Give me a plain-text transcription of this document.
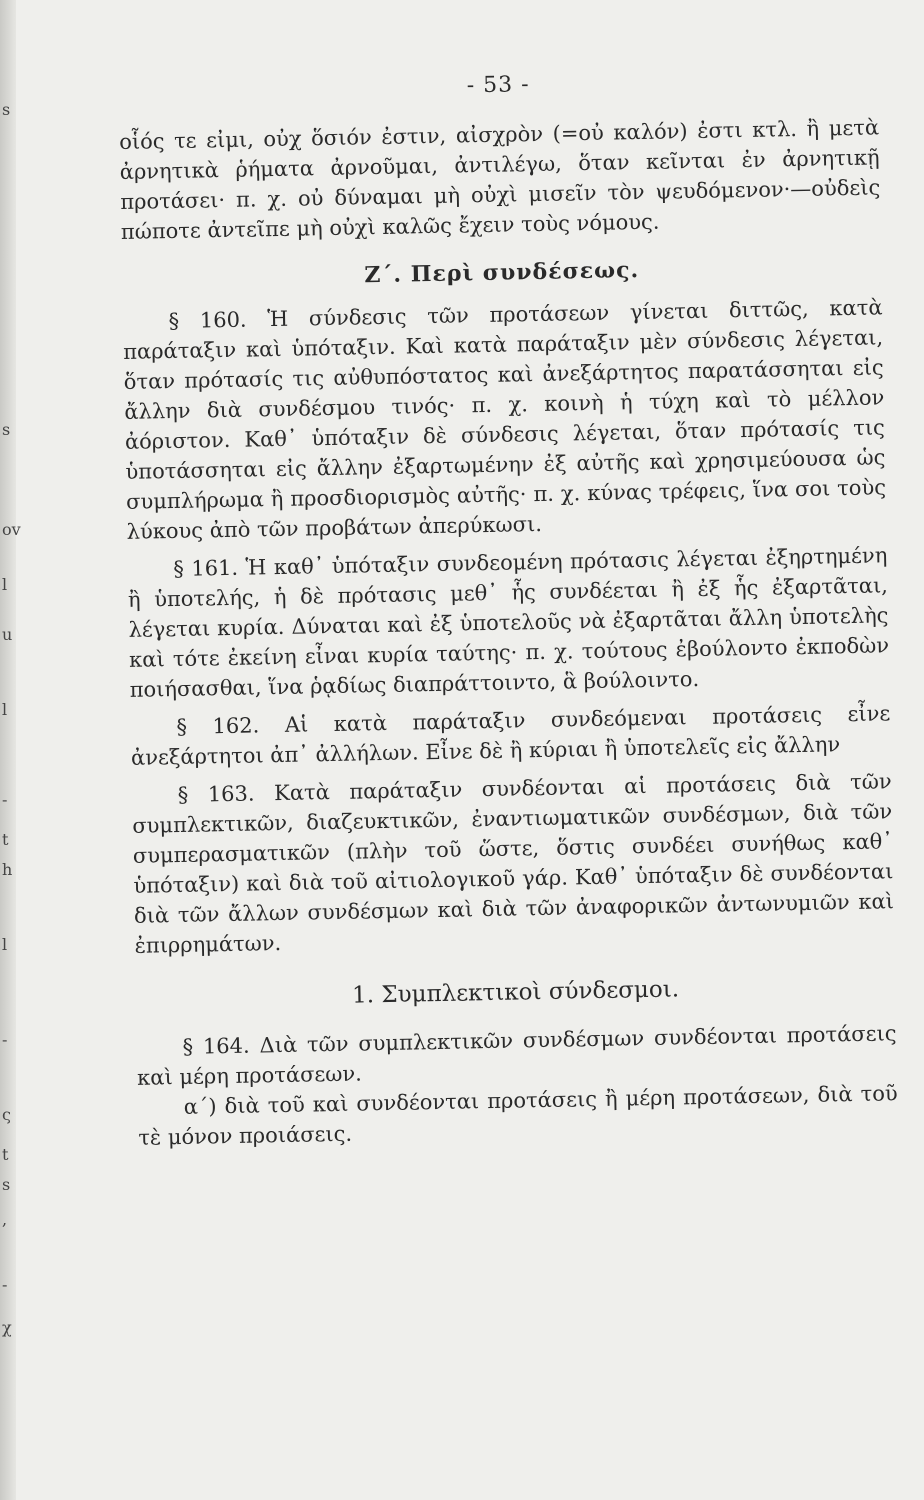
s
s
ov
l
u
l
-
h
t
l
-
ς
t
s
,
-
χ
- 53 -

οἷός τε εἰμι, οὐχ ὅσιόν ἐστιν, αἰσχρὸν (=οὐ καλόν) ἐστι κτλ. ἢ μετὰ ἀρνητικὰ ῥήματα ἀρνοῦμαι, ἀντιλέγω, ὅταν κεῖνται ἐν ἀρνητικῇ προτάσει· π. χ. οὐ δύναμαι μὴ οὐχὶ μισεῖν τὸν ψευδόμενον·—οὐδεὶς πώποτε ἀντεῖπε μὴ οὐχὶ καλῶς ἔχειν τοὺς νόμους.

Ζ΄. Περὶ συνδέσεως.

§ 160. Ἡ σύνδεσις τῶν προτάσεων γίνεται διττῶς, κατὰ παράταξιν καὶ ὑπόταξιν. Καὶ κατὰ παράταξιν μὲν σύνδεσις λέγεται, ὅταν πρότασίς τις αὐθυπόστατος καὶ ἀνεξάρτητος παρατάσσηται εἰς ἄλλην διὰ συνδέσμου τινός· π. χ. κοινὴ ἡ τύχη καὶ τὸ μέλλον ἀόριστον. Καθ᾽ ὑπόταξιν δὲ σύνδεσις λέγεται, ὅταν πρότασίς τις ὑποτάσσηται εἰς ἄλλην ἐξαρτωμένην ἐξ αὐτῆς καὶ χρησιμεύουσα ὡς συμπλήρωμα ἢ προσδιορισμὸς αὐτῆς· π. χ. κύνας τρέφεις, ἵνα σοι τοὺς λύκους ἀπὸ τῶν προβάτων ἀπερύκωσι.

§ 161. Ἡ καθ᾽ ὑπόταξιν συνδεομένη πρότασις λέγεται ἐξηρτημένη ἢ ὑποτελής, ἡ δὲ πρότασις μεθ᾽ ἧς συνδέεται ἢ ἐξ ἧς ἐξαρτᾶται, λέγεται κυρία. Δύναται καὶ ἐξ ὑποτελοῦς νὰ ἐξαρτᾶται ἄλλη ὑποτελὴς καὶ τότε ἐκείνη εἶναι κυρία ταύτης· π. χ. τούτους ἐβούλοντο ἐκποδὼν ποιήσασθαι, ἵνα ῥᾳδίως διαπράττοιντο, ἃ βούλοιντο.

§ 162. Αἱ κατὰ παράταξιν συνδεόμεναι προτάσεις εἶνε ἀνεξάρτητοι ἀπ᾽ ἀλλήλων. Εἶνε δὲ ἢ κύριαι ἢ ὑποτελεῖς εἰς ἄλλην

§ 163. Κατὰ παράταξιν συνδέονται αἱ προτάσεις διὰ τῶν συμπλεκτικῶν, διαζευκτικῶν, ἐναντιωματικῶν συνδέσμων, διὰ τῶν συμπερασματικῶν (πλὴν τοῦ ὥστε, ὅστις συνδέει συνήθως καθ᾽ ὑπόταξιν) καὶ διὰ τοῦ αἰτιολογικοῦ γάρ. Καθ᾽ ὑπόταξιν δὲ συνδέονται διὰ τῶν ἄλλων συνδέσμων καὶ διὰ τῶν ἀναφορικῶν ἀντωνυμιῶν καὶ ἐπιρρημάτων.

1. Συμπλεκτικοὶ σύνδεσμοι.

§ 164. Διὰ τῶν συμπλεκτικῶν συνδέσμων συνδέονται προτάσεις καὶ μέρη προτάσεων.

α΄) διὰ τοῦ καὶ συνδέονται προτάσεις ἢ μέρη προτάσεων, διὰ τοῦ τὲ μόνον προιάσεις.
